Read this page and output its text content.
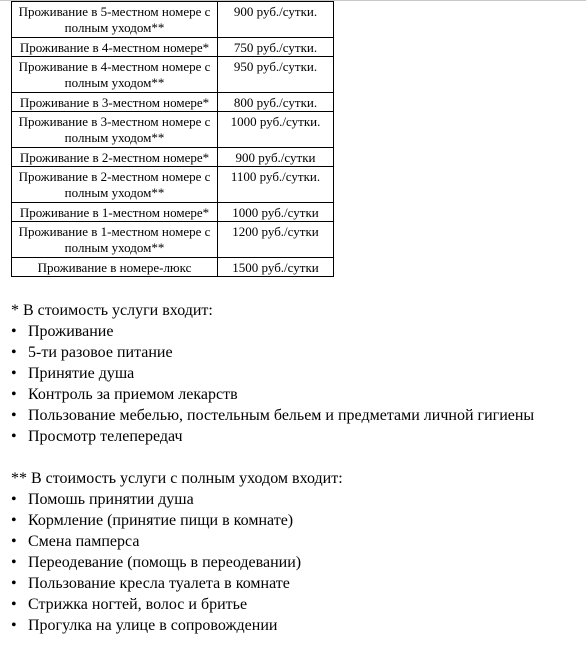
Проживание в 5-местном номере с полным уходом**	900 руб./сутки.
Проживание в 4-местном номере*	750 руб./сутки.
Проживание в 4-местном номере с полным уходом**	950 руб./сутки.
Проживание в 3-местном номере*	800 руб./сутки.
Проживание в 3-местном номере с полным уходом**	1000 руб./сутки.
Проживание в 2-местном номере*	900 руб./сутки
Проживание в 2-местном номере с полным уходом**	1100 руб./сутки.
Проживание в 1-местном номере*	1000 руб./сутки
Проживание в 1-местном номере с полным уходом**	1200 руб./сутки
Проживание в номере-люкс	1500 руб./сутки

* В стоимость услуги входит:

• Проживание
• 5-ти разовое питание
• Принятие душа
• Контроль за приемом лекарств
• Пользование мебелью, постельным бельем и предметами личной гигиены
• Просмотр телепередач

** В стоимость услуги с полным уходом входит:

• Помошь принятии душа
• Кормление (принятие пищи в комнате)
• Смена памперса
• Переодевание (помощь в переодевании)
• Пользование кресла туалета в комнате
• Стрижка ногтей, волос и бритье
• Прогулка на улице в сопровождении
